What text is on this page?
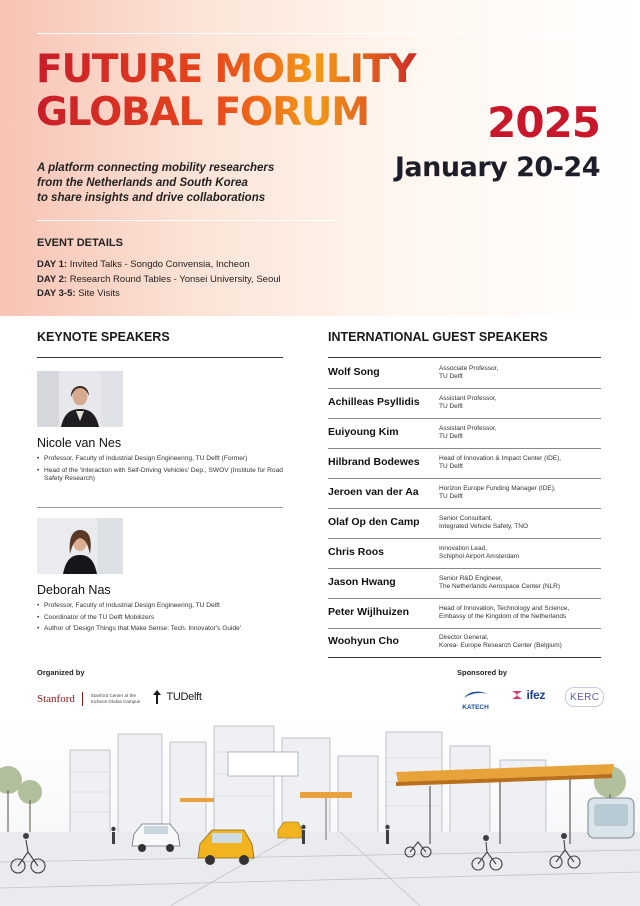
FUTURE MOBILITY
GLOBAL FORUM	2025
January 20-24
A platform connecting mobility researchers
from the Netherlands and South Korea
to share insights and drive collaborations
EVENT DETAILS
DAY 1: Invited Talks - Songdo Convensia, Incheon
DAY 2: Research Round Tables - Yonsei University, Seoul
DAY 3-5: Site Visits
KEYNOTE SPEAKERS
Nicole van Nes
• Professor, Faculty of Industrial Design Engineering, TU Delft (Former)
• Head of the 'Interaction with Self-Driving Vehicles' Dep., SWOV (Institute for Road Safety Research)
Deborah Nas
• Professor, Faculty of Industrial Design Engineering, TU Delft
• Coordinator of the TU Delft Mobilizers
• Author of 'Design Things that Make Sense: Tech. Innovator's Guide'
INTERNATIONAL GUEST SPEAKERS
Wolf Song	Associate Professor,
TU Delft
Achilleas Psyllidis	Assistant Professor,
TU Delft
Euiyoung Kim	Assistant Professor,
TU Delft
Hilbrand Bodewes	Head of Innovation & Impact Center (IDE),
TU Delft
Jeroen van der Aa	Horizon Europe Funding Manager (IDE),
TU Delft
Olaf Op den Camp	Senior Consultant,
Integrated Vehicle Safety, TNO
Chris Roos	Innovation Lead,
Schiphol Airport Amsterdam
Jason Hwang	Senior R&D Engineer,
The Netherlands Aerospace Center (NLR)
Peter Wijlhuizen	Head of Innovation, Technology and Science,
Embassy of the Kingdom of the Netherlands
Woohyun Cho	Director General,
Korea- Europe Research Center (Belgium)
Organized by	Sponsored by
Stanford	Stanford Center at the
Incheon Global Campus	TUDelft
KATECH
ifez	KERC
